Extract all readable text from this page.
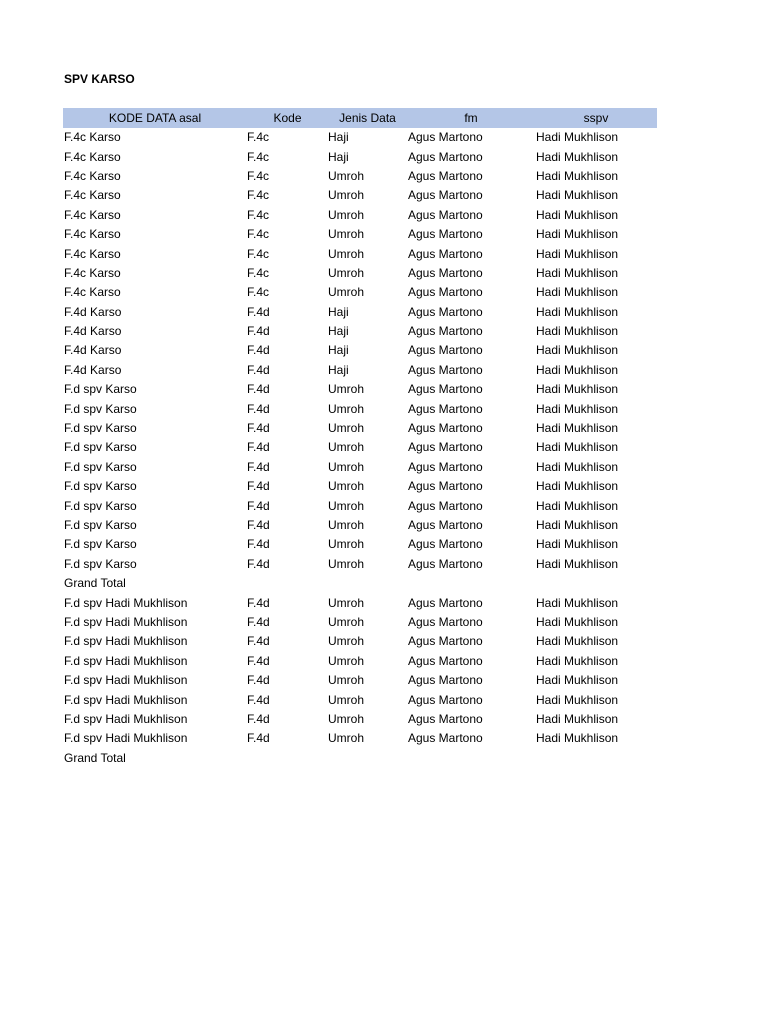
SPV KARSO
KODE DATA asal	Kode	Jenis Data	fm	sspv
F.4c Karso	F.4c	Haji	Agus Martono	Hadi Mukhlison
F.4c Karso	F.4c	Haji	Agus Martono	Hadi Mukhlison
F.4c Karso	F.4c	Umroh	Agus Martono	Hadi Mukhlison
F.4c Karso	F.4c	Umroh	Agus Martono	Hadi Mukhlison
F.4c Karso	F.4c	Umroh	Agus Martono	Hadi Mukhlison
F.4c Karso	F.4c	Umroh	Agus Martono	Hadi Mukhlison
F.4c Karso	F.4c	Umroh	Agus Martono	Hadi Mukhlison
F.4c Karso	F.4c	Umroh	Agus Martono	Hadi Mukhlison
F.4c Karso	F.4c	Umroh	Agus Martono	Hadi Mukhlison
F.4d Karso	F.4d	Haji	Agus Martono	Hadi Mukhlison
F.4d Karso	F.4d	Haji	Agus Martono	Hadi Mukhlison
F.4d Karso	F.4d	Haji	Agus Martono	Hadi Mukhlison
F.4d Karso	F.4d	Haji	Agus Martono	Hadi Mukhlison
F.d spv Karso	F.4d	Umroh	Agus Martono	Hadi Mukhlison
F.d spv Karso	F.4d	Umroh	Agus Martono	Hadi Mukhlison
F.d spv Karso	F.4d	Umroh	Agus Martono	Hadi Mukhlison
F.d spv Karso	F.4d	Umroh	Agus Martono	Hadi Mukhlison
F.d spv Karso	F.4d	Umroh	Agus Martono	Hadi Mukhlison
F.d spv Karso	F.4d	Umroh	Agus Martono	Hadi Mukhlison
F.d spv Karso	F.4d	Umroh	Agus Martono	Hadi Mukhlison
F.d spv Karso	F.4d	Umroh	Agus Martono	Hadi Mukhlison
F.d spv Karso	F.4d	Umroh	Agus Martono	Hadi Mukhlison
F.d spv Karso	F.4d	Umroh	Agus Martono	Hadi Mukhlison
Grand Total				
F.d spv Hadi Mukhlison	F.4d	Umroh	Agus Martono	Hadi Mukhlison
F.d spv Hadi Mukhlison	F.4d	Umroh	Agus Martono	Hadi Mukhlison
F.d spv Hadi Mukhlison	F.4d	Umroh	Agus Martono	Hadi Mukhlison
F.d spv Hadi Mukhlison	F.4d	Umroh	Agus Martono	Hadi Mukhlison
F.d spv Hadi Mukhlison	F.4d	Umroh	Agus Martono	Hadi Mukhlison
F.d spv Hadi Mukhlison	F.4d	Umroh	Agus Martono	Hadi Mukhlison
F.d spv Hadi Mukhlison	F.4d	Umroh	Agus Martono	Hadi Mukhlison
F.d spv Hadi Mukhlison	F.4d	Umroh	Agus Martono	Hadi Mukhlison
Grand Total				
